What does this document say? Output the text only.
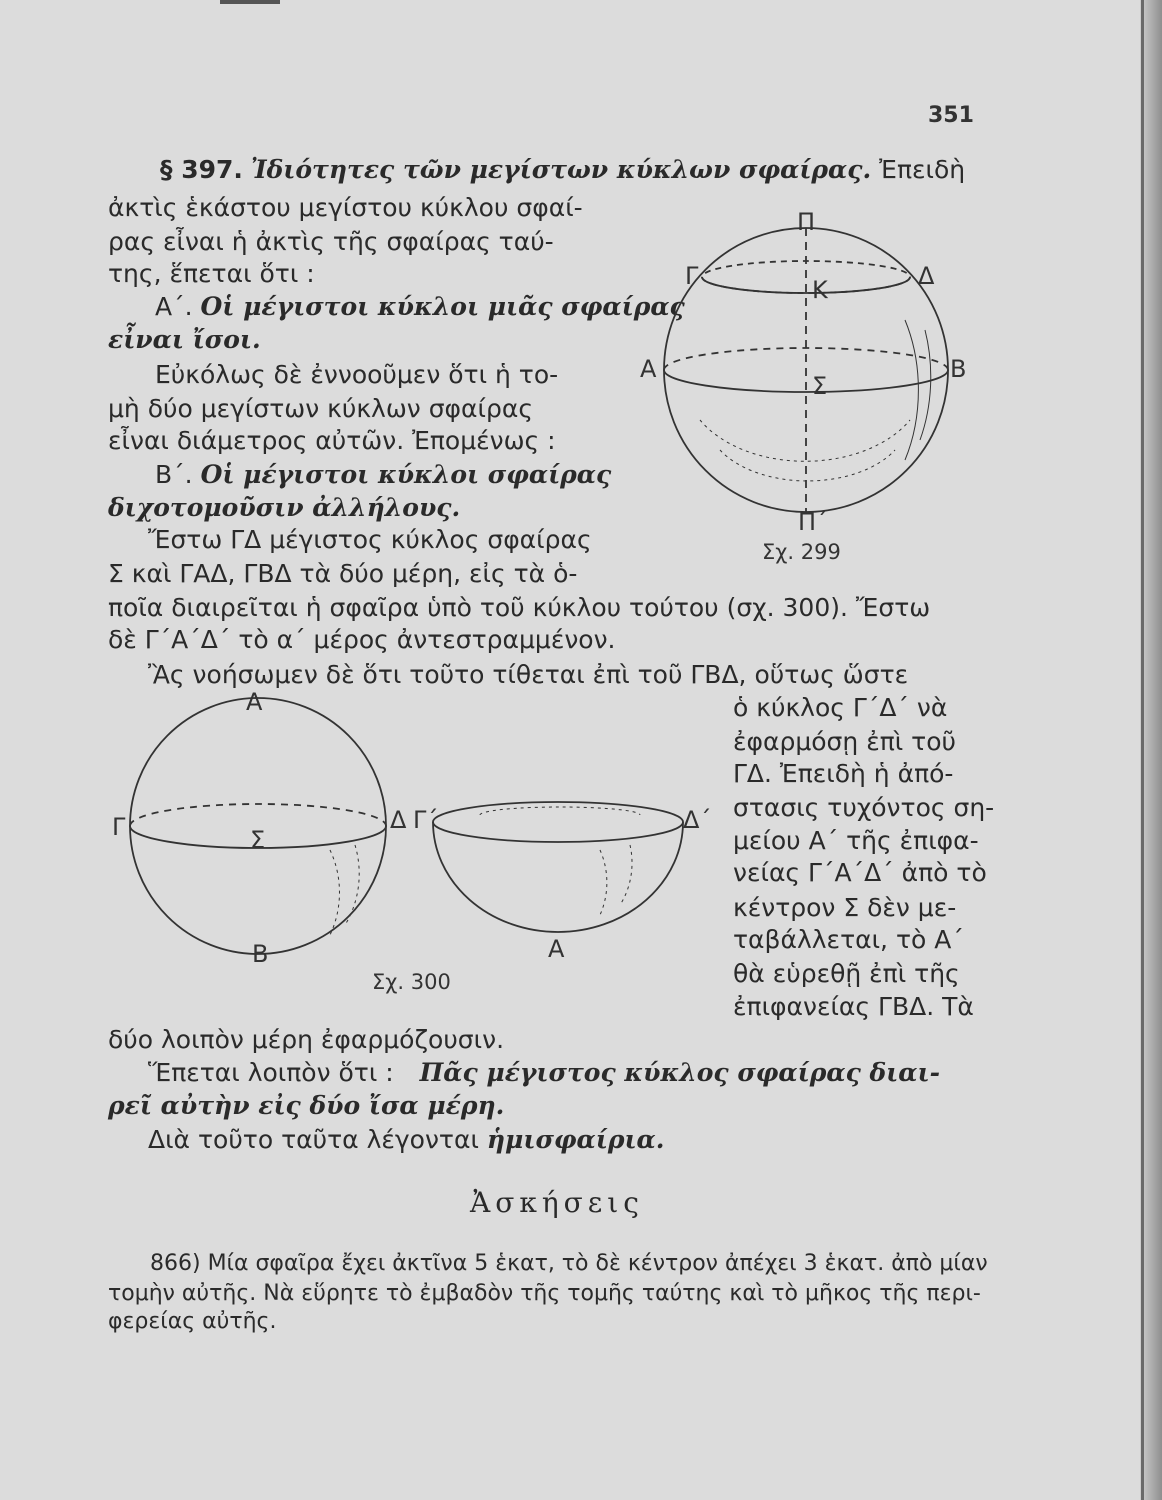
351
§ 397. Ἰδιότητες τῶν μεγίστων κύκλων σφαίρας. Ἐπειδὴ
ἀκτὶς ἑκάστου μεγίστου κύκλου σφαί-
ρας εἶναι ἡ ἀκτὶς τῆς σφαίρας ταύ-
της, ἕπεται ὅτι :
Α΄. Οἱ μέγιστοι κύκλοι μιᾶς σφαίρας
εἶναι ἴσοι.
Εὐκόλως δὲ ἐννοοῦμεν ὅτι ἡ το-
μὴ δύο μεγίστων κύκλων σφαίρας
εἶναι διάμετρος αὐτῶν. Ἐπομένως :
Β΄. Οἱ μέγιστοι κύκλοι σφαίρας
διχοτομοῦσιν ἀλλήλους.
Ἔστω ΓΔ μέγιστος κύκλος σφαίρας
Σ καὶ ΓΑΔ, ΓΒΔ τὰ δύο μέρη, εἰς τὰ ὁ-
ποῖα διαιρεῖται ἡ σφαῖρα ὑπὸ τοῦ κύκλου τούτου (σχ. 300). Ἔστω
δὲ Γ΄Α΄Δ΄ τὸ α΄ μέρος ἀντεστραμμένον.
Ἂς νοήσωμεν δὲ ὅτι τοῦτο τίθεται ἐπὶ τοῦ ΓΒΔ, οὕτως ὥστε
ὁ κύκλος Γ΄Δ΄ νὰ
ἐφαρμόσῃ ἐπὶ τοῦ
ΓΔ. Ἐπειδὴ ἡ ἀπό-
στασις τυχόντος ση-
μείου Α΄ τῆς ἐπιφα-
νείας Γ΄Α΄Δ΄ ἀπὸ τὸ
κέντρον Σ δὲν με-
ταβάλλεται, τὸ Α΄
θὰ εὑρεθῇ ἐπὶ τῆς
ἐπιφανείας ΓΒΔ. Τὰ
δύο λοιπὸν μέρη ἐφαρμόζουσιν.
Ἕπεται λοιπὸν ὅτι : Πᾶς μέγιστος κύκλος σφαίρας διαι-
ρεῖ αὐτὴν εἰς δύο ἴσα μέρη.
Διὰ τοῦτο ταῦτα λέγονται ἡμισφαίρια.
Ἀσκήσεις
866) Μία σφαῖρα ἔχει ἀκτῖνα 5 ἑκατ, τὸ δὲ κέντρον ἀπέχει 3 ἑκατ. ἀπὸ μίαν
τομὴν αὐτῆς. Νὰ εὕρητε τὸ ἐμβαδὸν τῆς τομῆς ταύτης καὶ τὸ μῆκος τῆς περι-
φερείας αὐτῆς.
Π
Γ	Δ
Κ
Α	Β
Σ
Π΄
Σχ. 299
Α
Γ	Δ
Σ
Β
Γ΄	Δ΄
Α
Σχ. 300
